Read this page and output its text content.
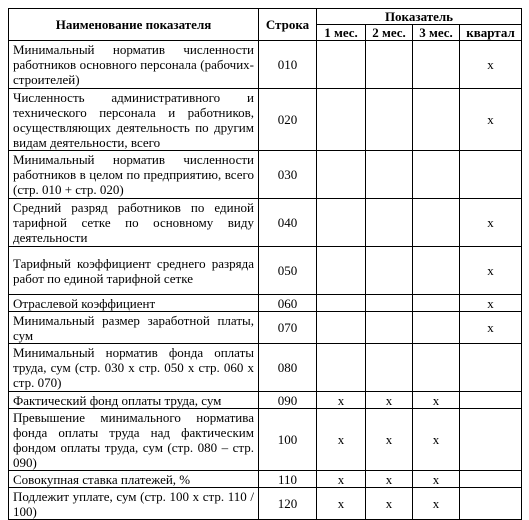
Наименование показателя	Строка	Показатель			
		1 мес.	2 мес.	3 мес.	квартал
Минимальный норматив численности работников основного персонала (рабочих-строителей)	010				x
Численность административного и технического персонала и работников, осуществляющих деятельность по другим видам деятельности, всего	020				x
Минимальный норматив численности работников в целом по предприятию, всего (стр. 010 + стр. 020)	030				
Средний разряд работников по единой тарифной сетке по основному виду деятельности	040				x
Тарифный коэффициент среднего разряда работ по единой тарифной сетке	050				x
Отраслевой коэффициент	060				x
Минимальный размер заработной платы, сум	070				x
Минимальный норматив фонда оплаты труда, сум (стр. 030 х стр. 050 х стр. 060 х стр. 070)	080				
Фактический фонд оплаты труда, сум	090	x	x	x	
Превышение минимального норматива фонда оплаты труда над фактическим фондом оплаты труда, сум (стр. 080 – стр. 090)	100	x	x	x	
Совокупная ставка платежей, %	110	x	x	x	
Подлежит уплате, сум (стр. 100 х стр. 110 / 100)	120	x	x	x	
